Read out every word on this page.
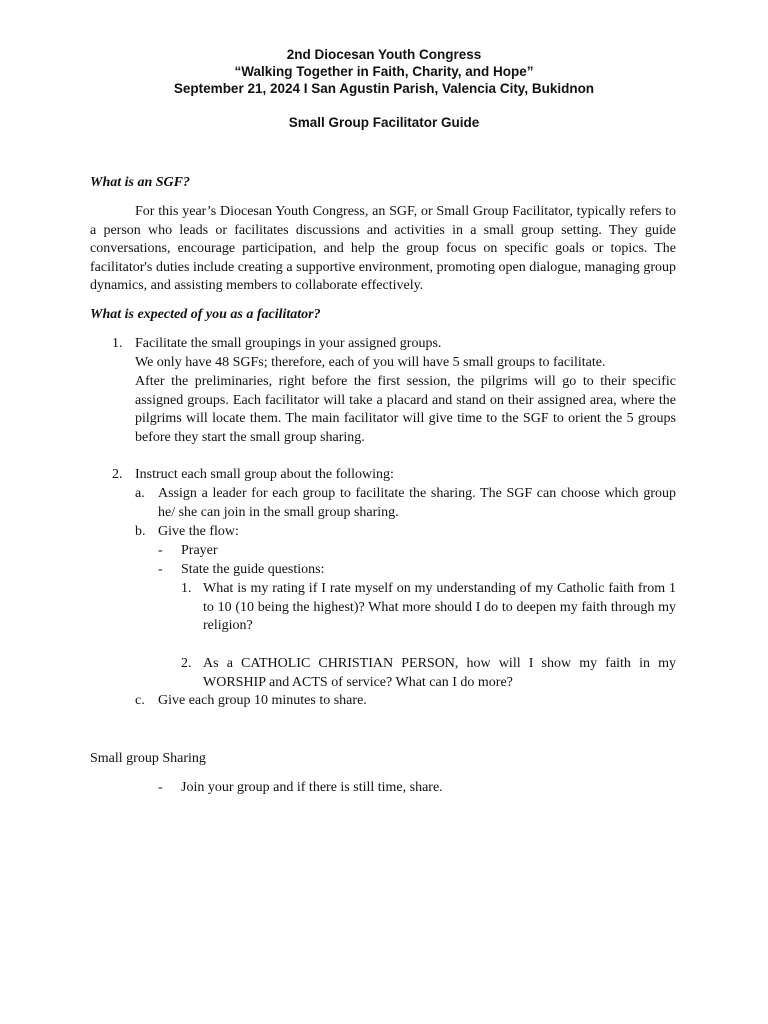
2nd Diocesan Youth Congress
“Walking Together in Faith, Charity, and Hope”
September 21, 2024 I San Agustin Parish, Valencia City, Bukidnon
Small Group Facilitator Guide
What is an SGF?
For this year’s Diocesan Youth Congress, an SGF, or Small Group Facilitator, typically refers to a person who leads or facilitates discussions and activities in a small group setting. They guide conversations, encourage participation, and help the group focus on specific goals or topics. The facilitator's duties include creating a supportive environment, promoting open dialogue, managing group dynamics, and assisting members to collaborate effectively.
What is expected of you as a facilitator?
1. Facilitate the small groupings in your assigned groups.
We only have 48 SGFs; therefore, each of you will have 5 small groups to facilitate.
After the preliminaries, right before the first session, the pilgrims will go to their specific assigned groups. Each facilitator will take a placard and stand on their assigned area, where the pilgrims will locate them. The main facilitator will give time to the SGF to orient the 5 groups before they start the small group sharing.
2. Instruct each small group about the following:
a. Assign a leader for each group to facilitate the sharing. The SGF can choose which group he/ she can join in the small group sharing.
b. Give the flow:
- Prayer
- State the guide questions:
1. What is my rating if I rate myself on my understanding of my Catholic faith from 1 to 10 (10 being the highest)? What more should I do to deepen my faith through my religion?
2. As a CATHOLIC CHRISTIAN PERSON, how will I show my faith in my WORSHIP and ACTS of service? What can I do more?
c. Give each group 10 minutes to share.
Small group Sharing
- Join your group and if there is still time, share.
